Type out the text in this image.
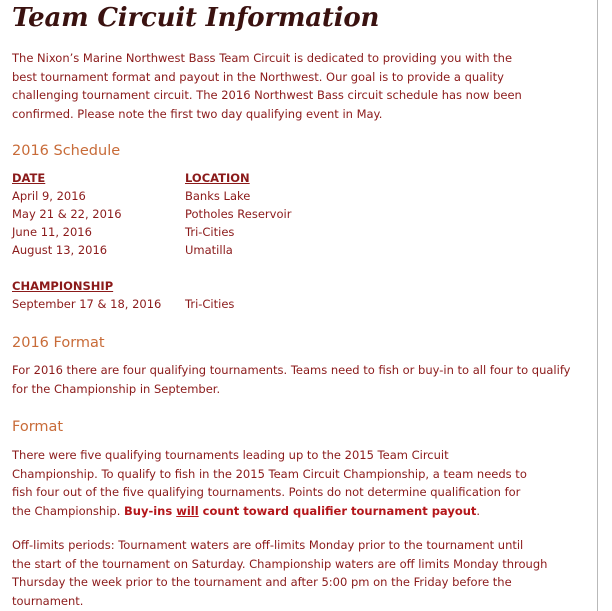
Team Circuit Information
The Nixon’s Marine Northwest Bass Team Circuit is dedicated to providing you with the
best tournament format and payout in the Northwest. Our goal is to provide a quality
challenging tournament circuit. The 2016 Northwest Bass circuit schedule has now been
confirmed. Please note the first two day qualifying event in May.
2016 Schedule
DATE	LOCATION
April 9, 2016	Banks Lake
May 21 & 22, 2016	Potholes Reservoir
June 11, 2016	Tri-Cities
August 13, 2016	Umatilla
CHAMPIONSHIP
September 17 & 18, 2016 Tri-Cities
2016 Format
For 2016 there are four qualifying tournaments. Teams need to fish or buy-in to all four to qualify
for the Championship in September.
Format
There were five qualifying tournaments leading up to the 2015 Team Circuit
Championship. To qualify to fish in the 2015 Team Circuit Championship, a team needs to
fish four out of the five qualifying tournaments. Points do not determine qualification for
the Championship. Buy-ins will count toward qualifier tournament payout.
Off-limits periods: Tournament waters are off-limits Monday prior to the tournament until
the start of the tournament on Saturday. Championship waters are off limits Monday through
Thursday the week prior to the tournament and after 5:00 pm on the Friday before the
tournament.
